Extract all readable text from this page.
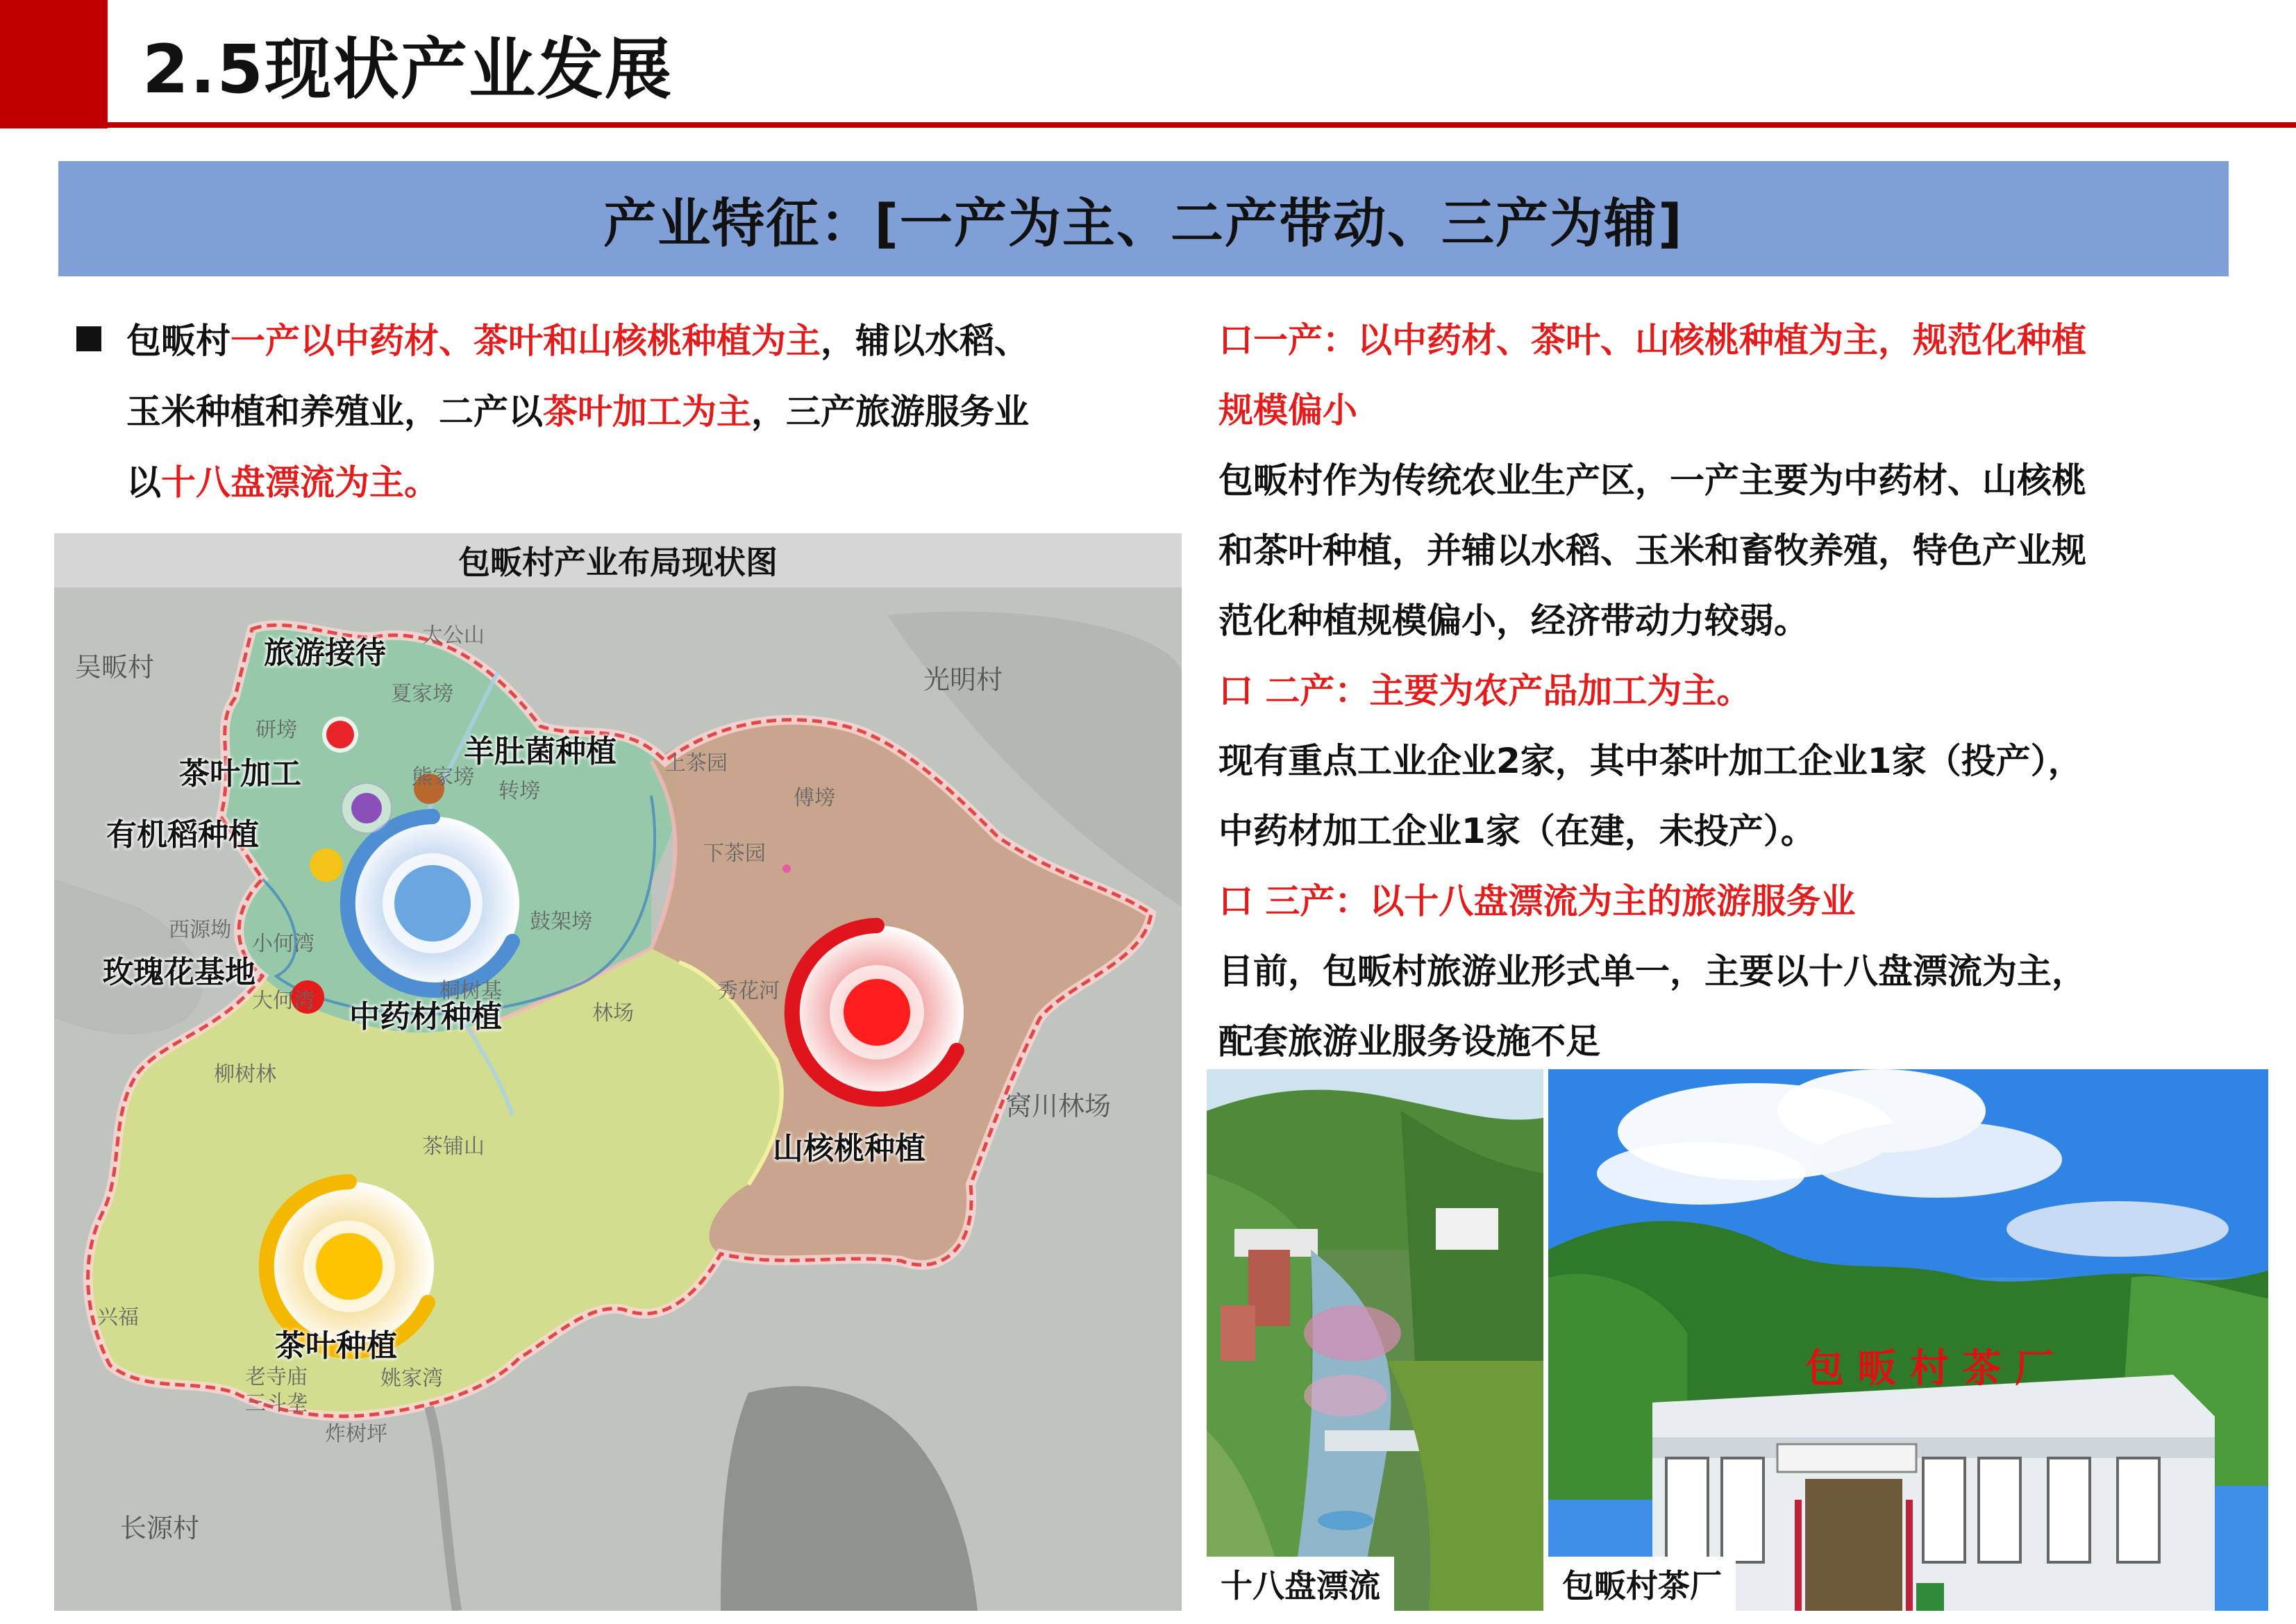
2.5现状产业发展
产业特征：[一产为主、二产带动、三产为辅]

包畈村一产以中药材、茶叶和山核桃种植为主，辅以水稻、

玉米种植和养殖业，二产以茶叶加工为主，三产旅游服务业

以十八盘漂流为主。

包畈村产业布局现状图
吴畈村
太公山
光明村
夏家塝
研塝
熊家塝
转塝
上茶园
傅塝
下茶园
西源坳
小何湾
鼓架塝
大何湾	桐树基
林场
秀花河
柳树林
窝川林场
茶铺山
兴福
老寺庙	姚家湾
三斗垄
炸树坪
长源村
旅游接待
茶叶加工
羊肚菌种植
有机稻种植
玫瑰花基地
中药材种植
山核桃种植
茶叶种植
口一产：以中药材、茶叶、山核桃种植为主，规范化种植
规模偏小
包畈村作为传统农业生产区，一产主要为中药材、山核桃
和茶叶种植，并辅以水稻、玉米和畜牧养殖，特色产业规
范化种植规模偏小，经济带动力较弱。
口 二产：主要为农产品加工为主。
现有重点工业企业2家，其中茶叶加工企业1家（投产），
中药材加工企业1家（在建，未投产）。
口 三产：以十八盘漂流为主的旅游服务业
目前，包畈村旅游业形式单一，主要以十八盘漂流为主，
配套旅游业服务设施不足
十八盘漂流
包 畈 村 茶 厂
包畈村茶厂
